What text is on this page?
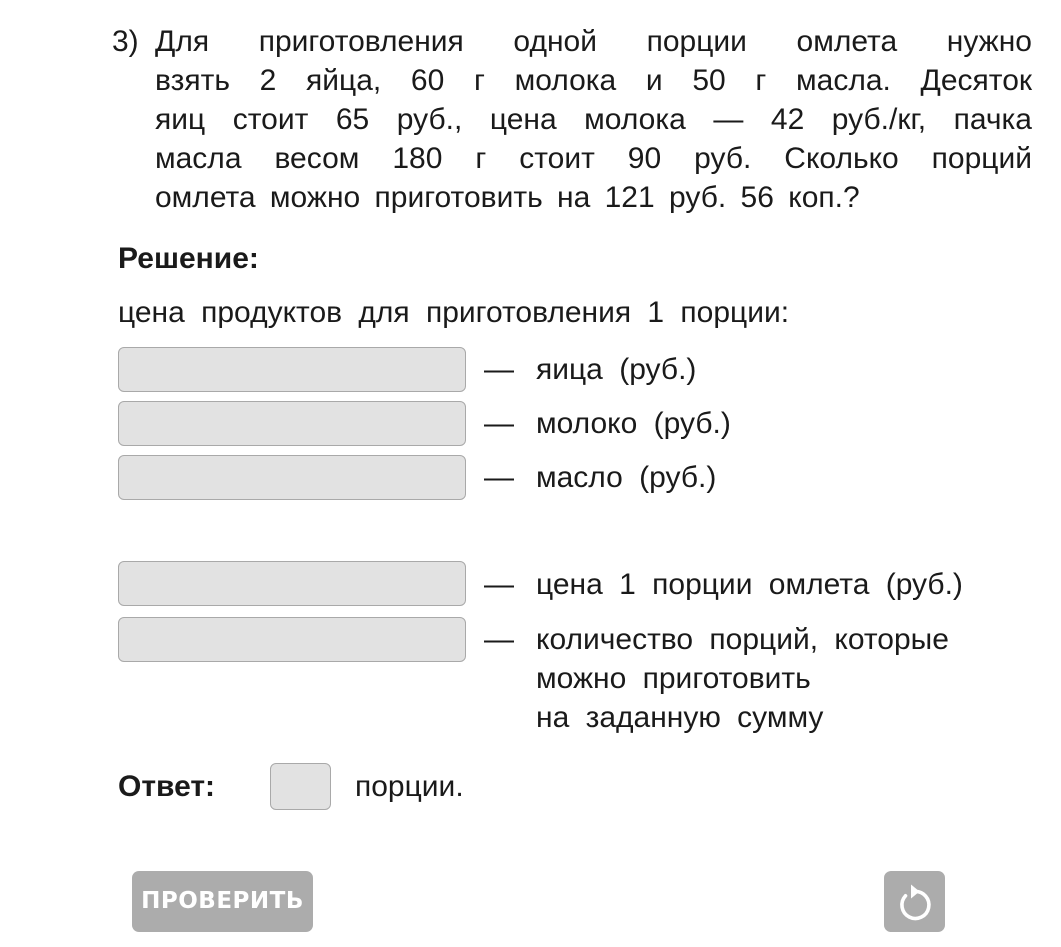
3) Для приготовления одной порции омлета нужно
взять 2 яйца, 60 г молока и 50 г масла. Десяток
яиц стоит 65 руб., цена молока — 42 руб./кг, пачка
масла весом 180 г стоит 90 руб. Сколько порций
омлета можно приготовить на 121 руб. 56 коп.?
Решение:
цена продуктов для приготовления 1 порции:
— яица (руб.)
— молоко (руб.)
— масло (руб.)
— цена 1 порции омлета (руб.)
— количество порций, которые
можно приготовить
на заданную сумму
Ответ:	порции.
ПРОВЕРИТЬ
